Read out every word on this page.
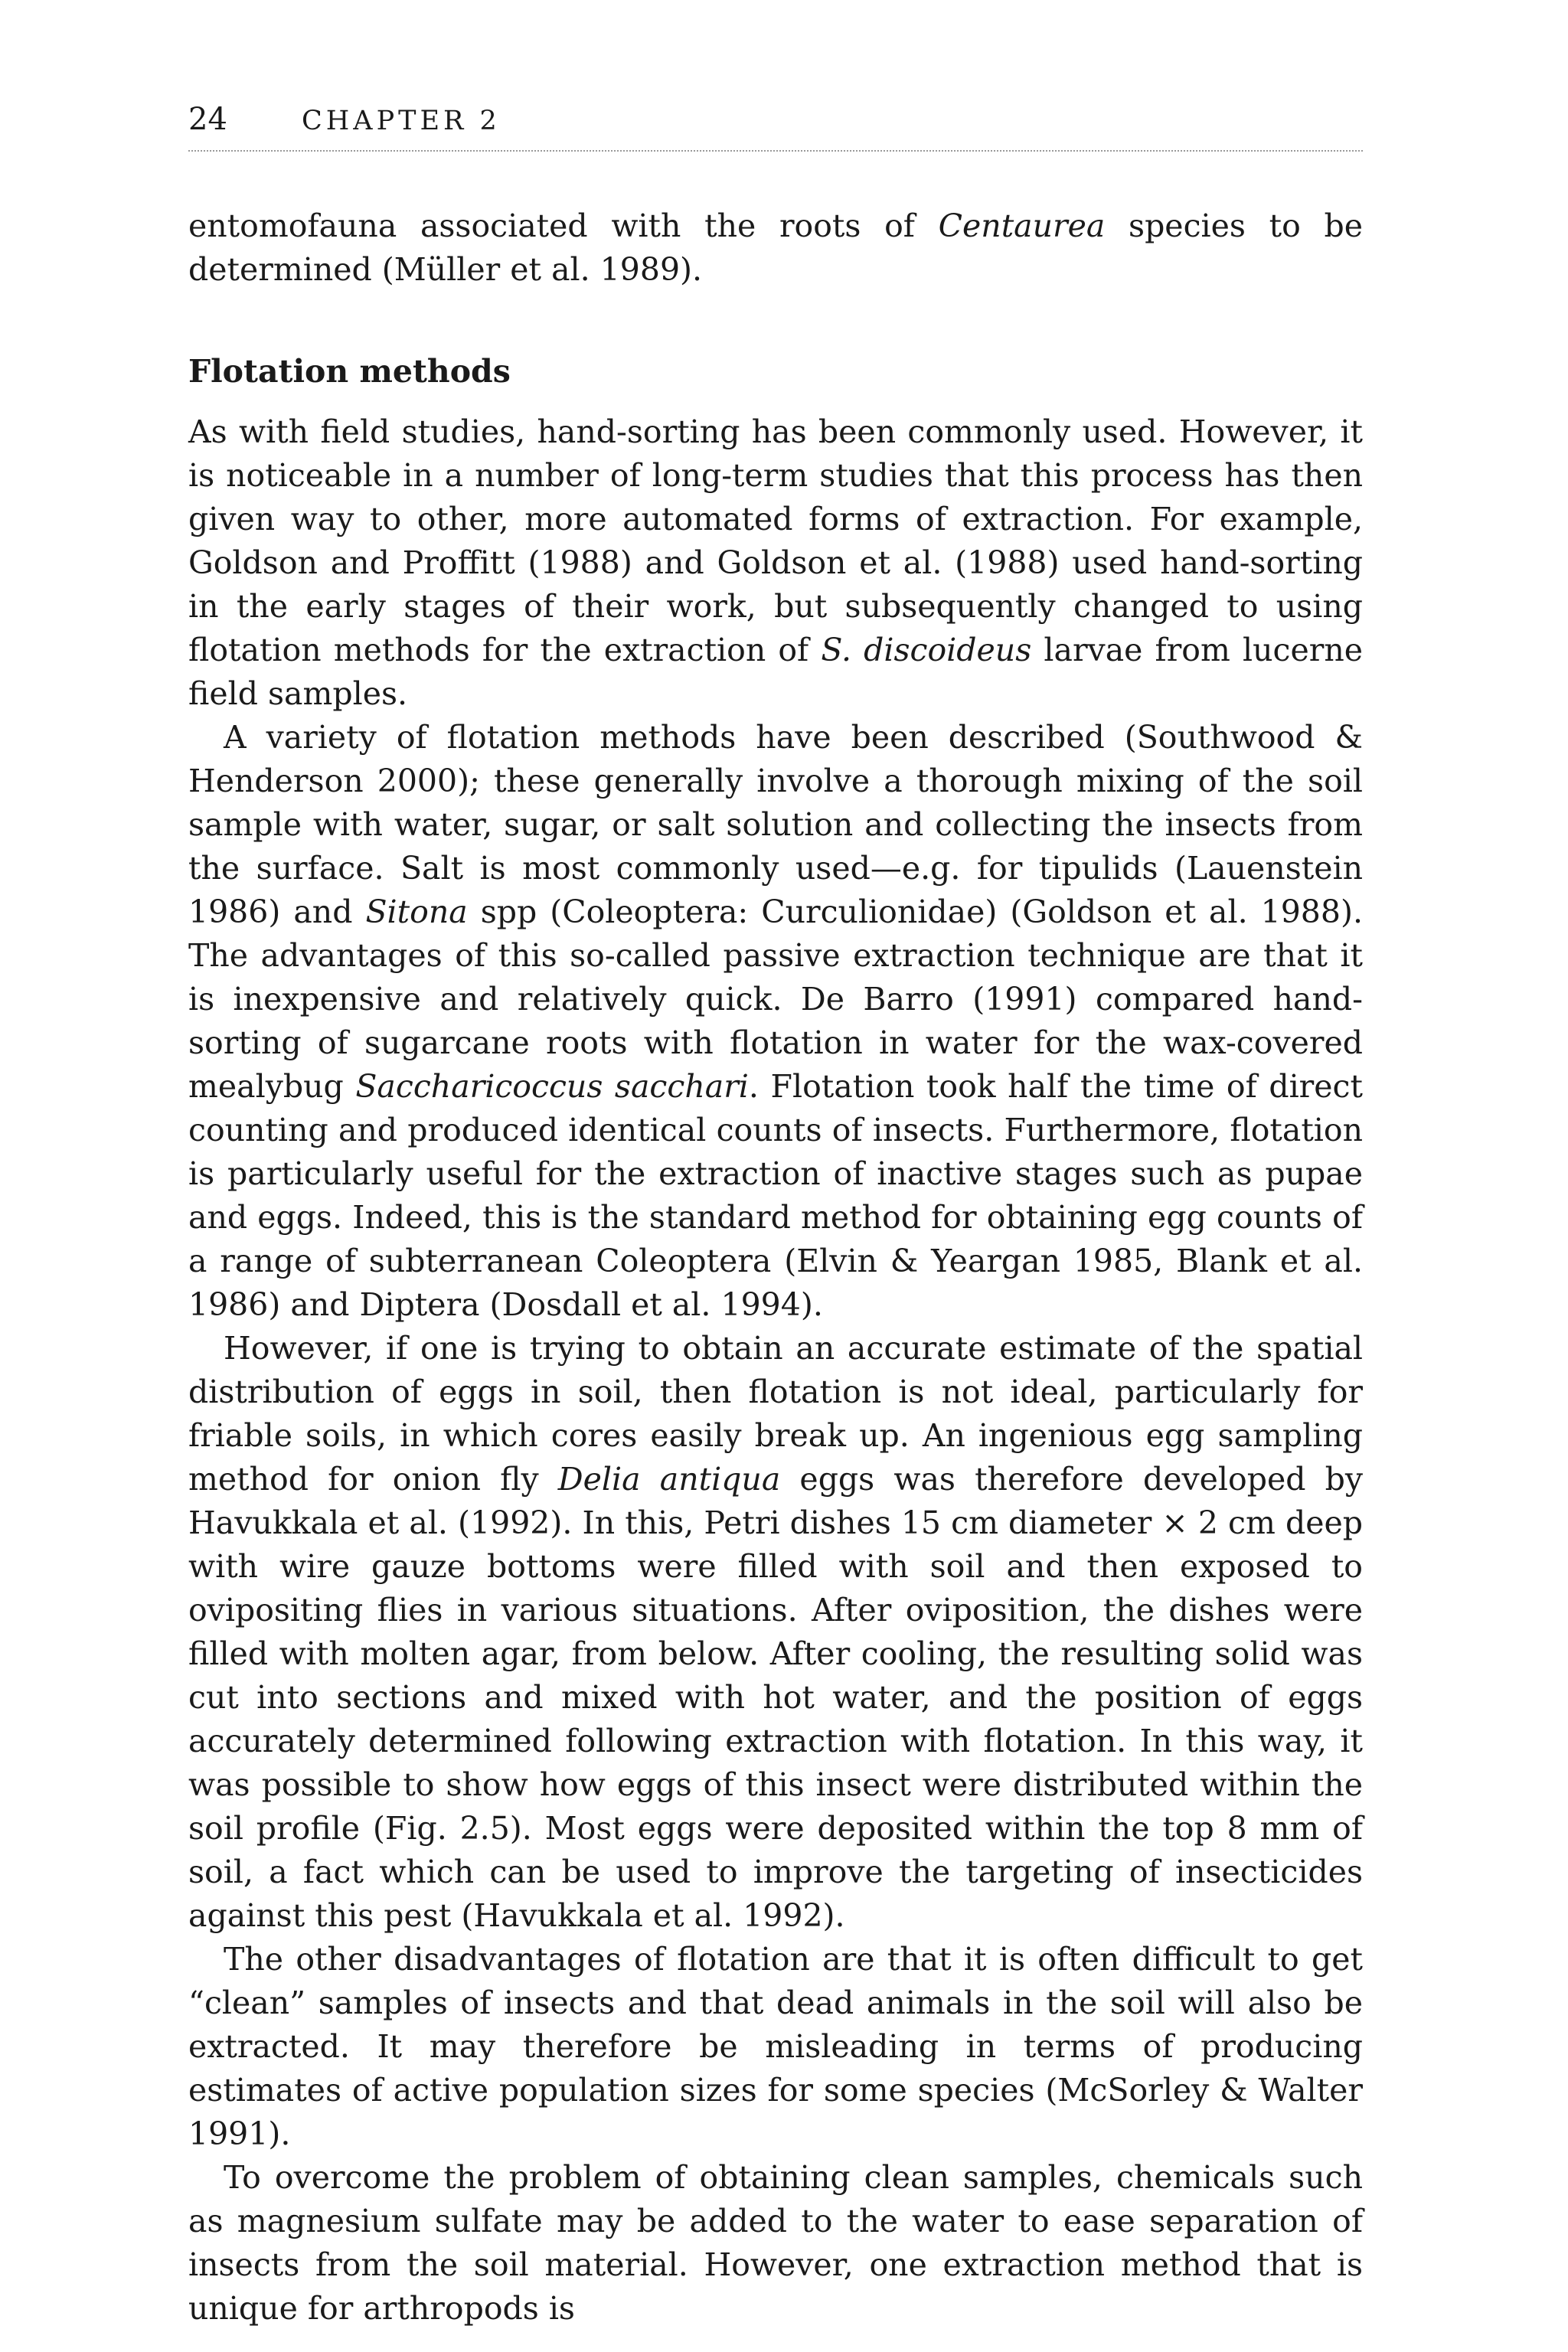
24	CHAPTER 2

entomofauna associated with the roots of Centaurea species to be determined (Müller et al. 1989).

Flotation methods

As with field studies, hand-sorting has been commonly used. However, it is noticeable in a number of long-term studies that this process has then given way to other, more automated forms of extraction. For example, Goldson and Proffitt (1988) and Goldson et al. (1988) used hand-sorting in the early stages of their work, but subsequently changed to using flotation methods for the extraction of S. discoideus larvae from lucerne field samples.

A variety of flotation methods have been described (Southwood & Henderson 2000); these generally involve a thorough mixing of the soil sample with water, sugar, or salt solution and collecting the insects from the surface. Salt is most commonly used—e.g. for tipulids (Lauenstein 1986) and Sitona spp (Coleoptera: Curculionidae) (Goldson et al. 1988). The advantages of this so-called passive extraction technique are that it is inexpensive and relatively quick. De Barro (1991) compared hand-sorting of sugarcane roots with flotation in water for the wax-covered mealybug Saccharicoccus sacchari. Flotation took half the time of direct counting and produced identical counts of insects. Furthermore, flotation is particularly useful for the extraction of inactive stages such as pupae and eggs. Indeed, this is the standard method for obtaining egg counts of a range of subterranean Coleoptera (Elvin & Yeargan 1985, Blank et al. 1986) and Diptera (Dosdall et al. 1994).

However, if one is trying to obtain an accurate estimate of the spatial distribution of eggs in soil, then flotation is not ideal, particularly for friable soils, in which cores easily break up. An ingenious egg sampling method for onion fly Delia antiqua eggs was therefore developed by Havukkala et al. (1992). In this, Petri dishes 15 cm diameter × 2 cm deep with wire gauze bottoms were filled with soil and then exposed to ovipositing flies in various situations. After oviposition, the dishes were filled with molten agar, from below. After cooling, the resulting solid was cut into sections and mixed with hot water, and the position of eggs accurately determined following extraction with flotation. In this way, it was possible to show how eggs of this insect were distributed within the soil profile (Fig. 2.5). Most eggs were deposited within the top 8 mm of soil, a fact which can be used to improve the targeting of insecticides against this pest (Havukkala et al. 1992).

The other disadvantages of flotation are that it is often difficult to get “clean” samples of insects and that dead animals in the soil will also be extracted. It may therefore be misleading in terms of producing estimates of active population sizes for some species (McSorley & Walter 1991).

To overcome the problem of obtaining clean samples, chemicals such as magnesium sulfate may be added to the water to ease separation of insects from the soil material. However, one extraction method that is unique for arthropods is
